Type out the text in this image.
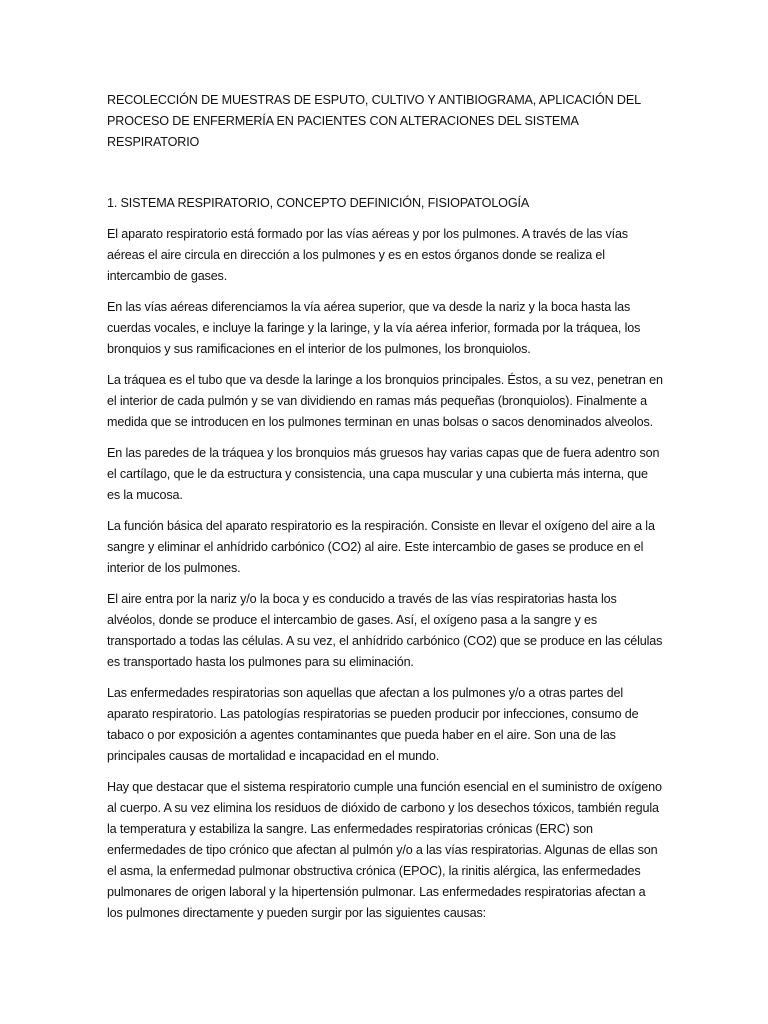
RECOLECCIÓN DE MUESTRAS DE ESPUTO, CULTIVO Y ANTIBIOGRAMA, APLICACIÓN DEL PROCESO DE ENFERMERÍA EN PACIENTES CON ALTERACIONES DEL SISTEMA RESPIRATORIO

1. SISTEMA RESPIRATORIO, CONCEPTO DEFINICIÓN, FISIOPATOLOGÍA

El aparato respiratorio está formado por las vías aéreas y por los pulmones. A través de las vías aéreas el aire circula en dirección a los pulmones y es en estos órganos donde se realiza el intercambio de gases.

En las vías aéreas diferenciamos la vía aérea superior, que va desde la nariz y la boca hasta las cuerdas vocales, e incluye la faringe y la laringe, y la vía aérea inferior, formada por la tráquea, los bronquios y sus ramificaciones en el interior de los pulmones, los bronquiolos.

La tráquea es el tubo que va desde la laringe a los bronquios principales. Éstos, a su vez, penetran en el interior de cada pulmón y se van dividiendo en ramas más pequeñas (bronquiolos). Finalmente a medida que se introducen en los pulmones terminan en unas bolsas o sacos denominados alveolos.

En las paredes de la tráquea y los bronquios más gruesos hay varias capas que de fuera adentro son el cartílago, que le da estructura y consistencia, una capa muscular y una cubierta más interna, que es la mucosa.

La función básica del aparato respiratorio es la respiración. Consiste en llevar el oxígeno del aire a la sangre y eliminar el anhídrido carbónico (CO2) al aire. Este intercambio de gases se produce en el interior de los pulmones.

El aire entra por la nariz y/o la boca y es conducido a través de las vías respiratorias hasta los alvéolos, donde se produce el intercambio de gases. Así, el oxígeno pasa a la sangre y es transportado a todas las células. A su vez, el anhídrido carbónico (CO2) que se produce en las células es transportado hasta los pulmones para su eliminación.

Las enfermedades respiratorias son aquellas que afectan a los pulmones y/o a otras partes del aparato respiratorio. Las patologías respiratorias se pueden producir por infecciones, consumo de tabaco o por exposición a agentes contaminantes que pueda haber en el aire. Son una de las principales causas de mortalidad e incapacidad en el mundo.

Hay que destacar que el sistema respiratorio cumple una función esencial en el suministro de oxígeno al cuerpo. A su vez elimina los residuos de dióxido de carbono y los desechos tóxicos, también regula la temperatura y estabiliza la sangre. Las enfermedades respiratorias crónicas (ERC) son enfermedades de tipo crónico que afectan al pulmón y/o a las vías respiratorias. Algunas de ellas son el asma, la enfermedad pulmonar obstructiva crónica (EPOC), la rinitis alérgica, las enfermedades pulmonares de origen laboral y la hipertensión pulmonar. Las enfermedades respiratorias afectan a los pulmones directamente y pueden surgir por las siguientes causas:
